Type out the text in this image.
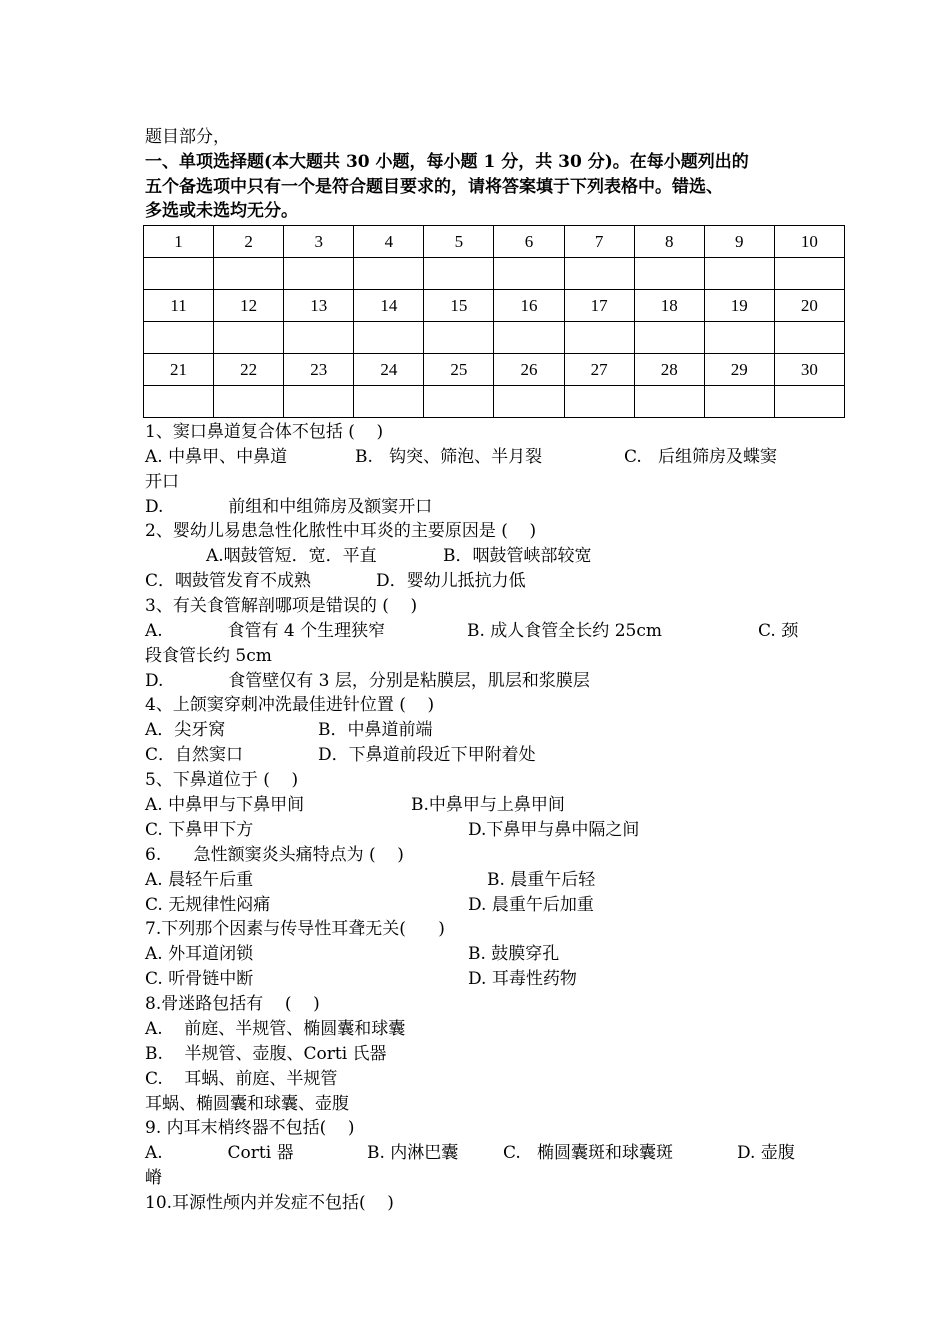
题目部分，
一、单项选择题(本大题共 30 小题，每小题 1 分，共 30 分)。在每小题列出的
五个备选项中只有一个是符合题目要求的，请将答案填于下列表格中。错选、
多选或未选均无分。
1	2	3	4	5	6	7	8	9	10

11	12	13	14	15	16	17	18	19	20

21	22	23	24	25	26	27	28	29	30

1、窦口鼻道复合体不包括 (    )
A. 中鼻甲、中鼻道	B.   钩突、筛泡、半月裂	C.   后组筛房及蝶窦
开口
D.            前组和中组筛房及额窦开口
2、婴幼儿易患急性化脓性中耳炎的主要原因是 (    )
A.咽鼓管短．宽．平直	B．咽鼓管峡部较宽
C．咽鼓管发育不成熟	D．婴幼儿抵抗力低
3、有关食管解剖哪项是错误的 (    )
A.            食管有 4 个生理狭窄	B. 成人食管全长约 25cm	C. 颈
段食管长约 5cm
D.            食管壁仅有 3 层，分别是粘膜层，肌层和浆膜层
4、上颌窦穿刺冲洗最佳进针位置 (    )
A．尖牙窝	B．中鼻道前端
C．自然窦口	D．下鼻道前段近下甲附着处
5、下鼻道位于 (    )
A. 中鼻甲与下鼻甲间	B.中鼻甲与上鼻甲间
C. 下鼻甲下方	D.下鼻甲与鼻中隔之间
6.      急性额窦炎头痛特点为 (    )
A. 晨轻午后重	B. 晨重午后轻
C. 无规律性闷痛	D. 晨重午后加重
7.下列那个因素与传导性耳聋无关(      )
A. 外耳道闭锁	B. 鼓膜穿孔
C. 听骨链中断	D. 耳毒性药物
8.骨迷路包括有    (    )
A.    前庭、半规管、椭圆囊和球囊
B.    半规管、壶腹、Corti 氏器
C.    耳蜗、前庭、半规管
耳蜗、椭圆囊和球囊、壶腹
9. 内耳末梢终器不包括(    )
A.            Corti 器	B. 内淋巴囊	C.   椭圆囊斑和球囊斑	D. 壶腹
嵴
10.耳源性颅内并发症不包括(    )
